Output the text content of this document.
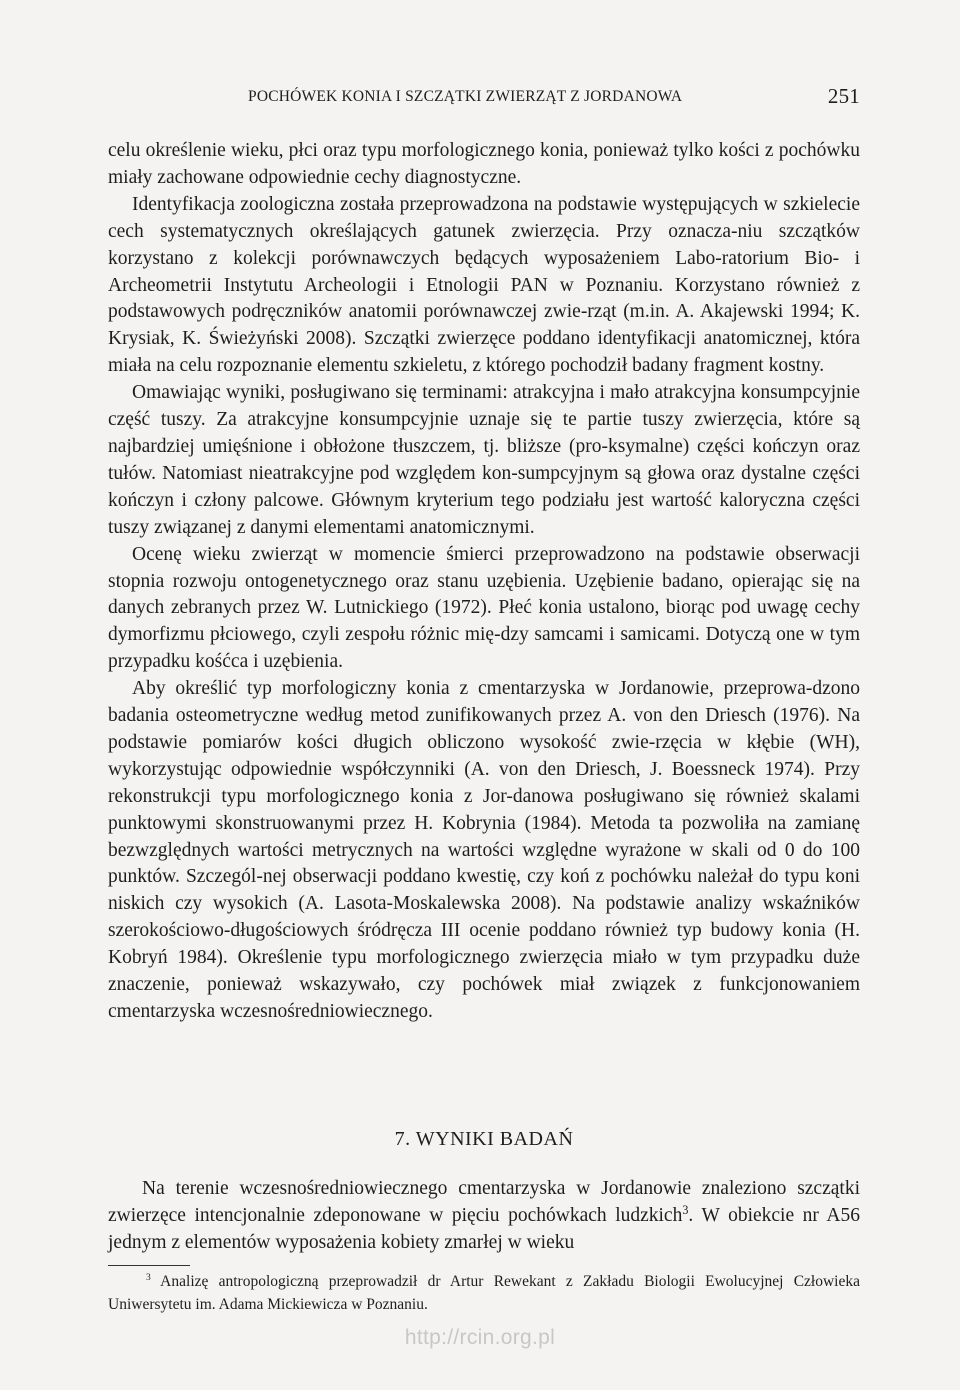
POCHÓWEK KONIA I SZCZĄTKI ZWIERZĄT Z JORDANOWA	251

celu określenie wieku, płci oraz typu morfologicznego konia, ponieważ tylko kości z pochówku miały zachowane odpowiednie cechy diagnostyczne.

Identyfikacja zoologiczna została przeprowadzona na podstawie występujących w szkielecie cech systematycznych określających gatunek zwierzęcia. Przy oznacza-niu szczątków korzystano z kolekcji porównawczych będących wyposażeniem Labo-ratorium Bio- i Archeometrii Instytutu Archeologii i Etnologii PAN w Poznaniu. Korzystano również z podstawowych podręczników anatomii porównawczej zwie-rząt (m.in. A. Akajewski 1994; K. Krysiak, K. Świeżyński 2008). Szczątki zwierzęce poddano identyfikacji anatomicznej, która miała na celu rozpoznanie elementu szkieletu, z którego pochodził badany fragment kostny.

Omawiając wyniki, posługiwano się terminami: atrakcyjna i mało atrakcyjna konsumpcyjnie część tuszy. Za atrakcyjne konsumpcyjnie uznaje się te partie tuszy zwierzęcia, które są najbardziej umięśnione i obłożone tłuszczem, tj. bliższe (pro-ksymalne) części kończyn oraz tułów. Natomiast nieatrakcyjne pod względem kon-sumpcyjnym są głowa oraz dystalne części kończyn i człony palcowe. Głównym kryterium tego podziału jest wartość kaloryczna części tuszy związanej z danymi elementami anatomicznymi.

Ocenę wieku zwierząt w momencie śmierci przeprowadzono na podstawie obserwacji stopnia rozwoju ontogenetycznego oraz stanu uzębienia. Uzębienie badano, opierając się na danych zebranych przez W. Lutnickiego (1972). Płeć konia ustalono, biorąc pod uwagę cechy dymorfizmu płciowego, czyli zespołu różnic mię-dzy samcami i samicami. Dotyczą one w tym przypadku kośćca i uzębienia.

Aby określić typ morfologiczny konia z cmentarzyska w Jordanowie, przeprowa-dzono badania osteometryczne według metod zunifikowanych przez A. von den Driesch (1976). Na podstawie pomiarów kości długich obliczono wysokość zwie-rzęcia w kłębie (WH), wykorzystując odpowiednie współczynniki (A. von den Driesch, J. Boessneck 1974). Przy rekonstrukcji typu morfologicznego konia z Jor-danowa posługiwano się również skalami punktowymi skonstruowanymi przez H. Kobrynia (1984). Metoda ta pozwoliła na zamianę bezwzględnych wartości metrycznych na wartości względne wyrażone w skali od 0 do 100 punktów. Szczegól-nej obserwacji poddano kwestię, czy koń z pochówku należał do typu koni niskich czy wysokich (A. Lasota-Moskalewska 2008). Na podstawie analizy wskaźników szerokościowo-długościowych śródręcza III ocenie poddano również typ budowy konia (H. Kobryń 1984). Określenie typu morfologicznego zwierzęcia miało w tym przypadku duże znaczenie, ponieważ wskazywało, czy pochówek miał związek z funkcjonowaniem cmentarzyska wczesnośredniowiecznego.

7. WYNIKI BADAŃ

Na terenie wczesnośredniowiecznego cmentarzyska w Jordanowie znaleziono szczątki zwierzęce intencjonalnie zdeponowane w pięciu pochówkach ludzkich$^3$. W obiekcie nr A56 jednym z elementów wyposażenia kobiety zmarłej w wieku

$^3$ Analizę antropologiczną przeprowadził dr Artur Rewekant z Zakładu Biologii Ewolucyjnej Człowieka Uniwersytetu im. Adama Mickiewicza w Poznaniu.
http://rcin.org.pl
